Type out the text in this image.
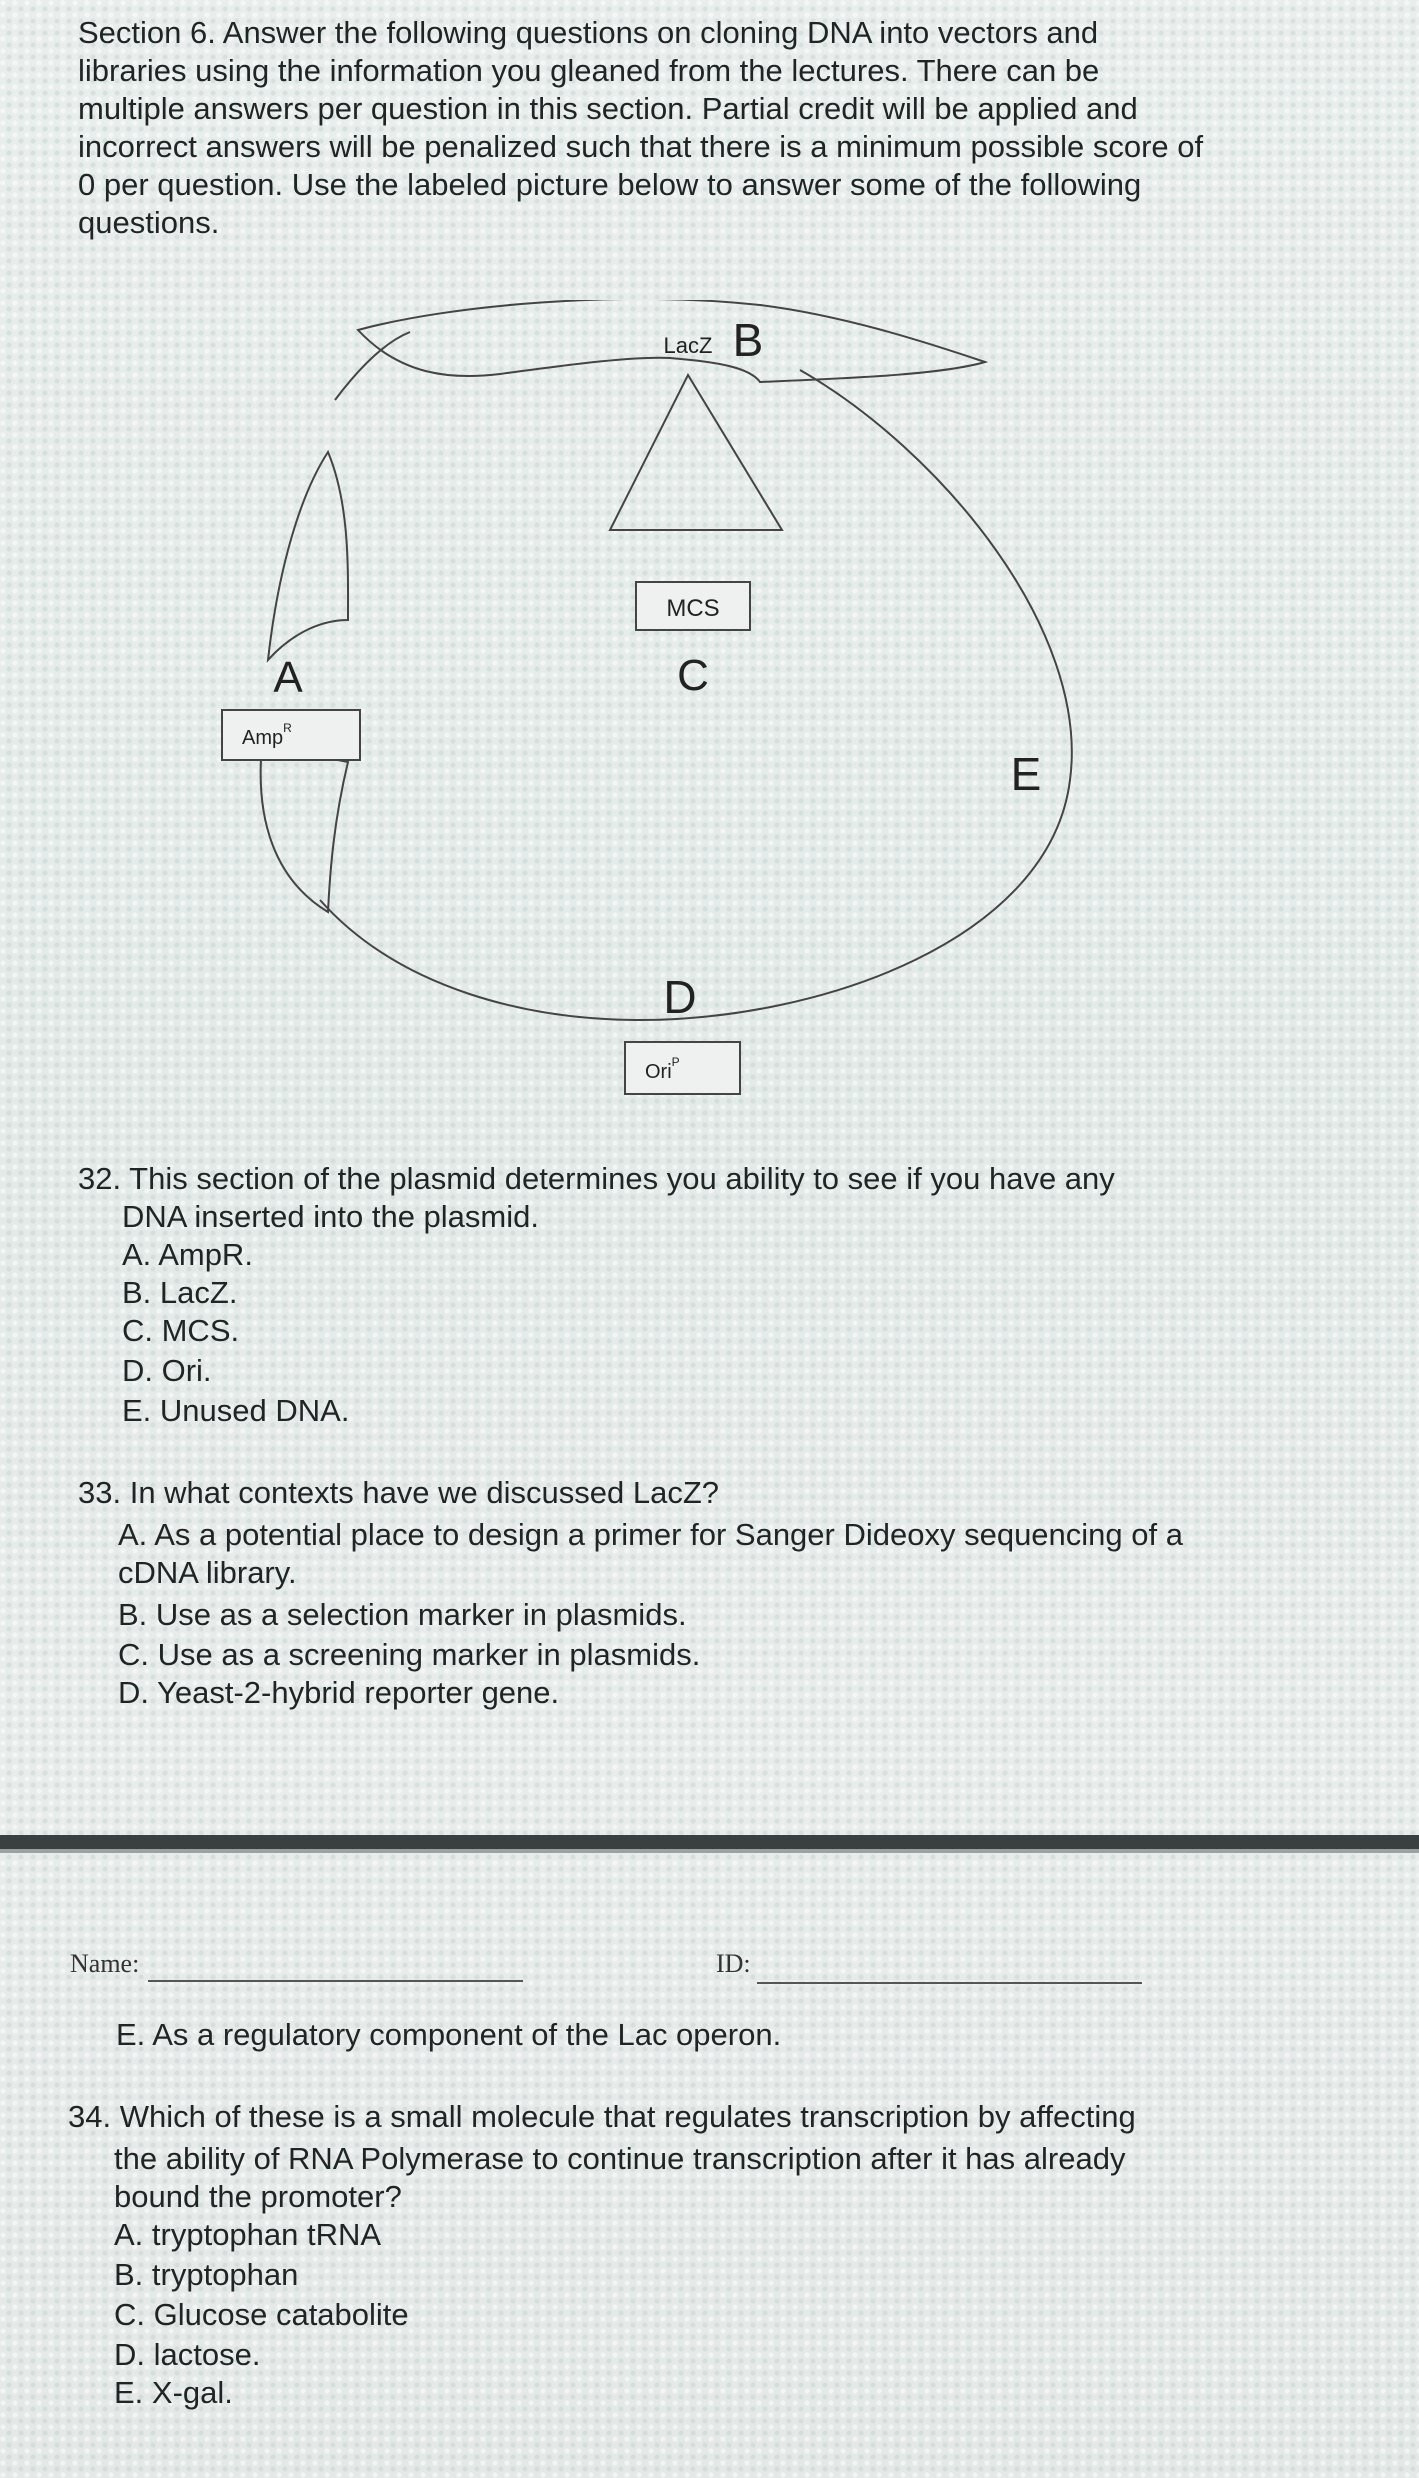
Section 6. Answer the following questions on cloning DNA into vectors and
libraries using the information you gleaned from the lectures. There can be
multiple answers per question in this section. Partial credit will be applied and
incorrect answers will be penalized such that there is a minimum possible score of
0 per question. Use the labeled picture below to answer some of the following
questions.
MCS
LacZ B
C
A
Amp$^R$
E
D
Ori$^P$
32. This section of the plasmid determines you ability to see if you have any
DNA inserted into the plasmid.
A. AmpR.
B. LacZ.
C. MCS.
D. Ori.
E. Unused DNA.
33. In what contexts have we discussed LacZ?
A. As a potential place to design a primer for Sanger Dideoxy sequencing of a
cDNA library.
B. Use as a selection marker in plasmids.
C. Use as a screening marker in plasmids.
D. Yeast-2-hybrid reporter gene.
Name:	ID:
E. As a regulatory component of the Lac operon.
34. Which of these is a small molecule that regulates transcription by affecting
the ability of RNA Polymerase to continue transcription after it has already
bound the promoter?
A. tryptophan tRNA
B. tryptophan
C. Glucose catabolite
D. lactose.
E. X-gal.
